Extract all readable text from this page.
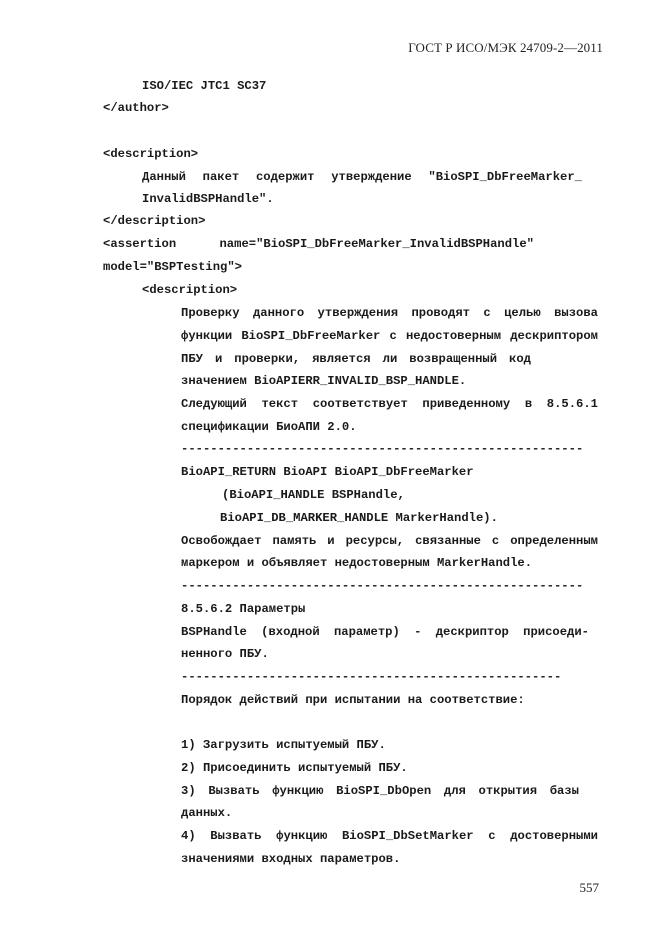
ГОСТ Р ИСО/МЭК 24709-2—2011
ISO/IEC JTC1 SC37
</author>
<description>
Данный пакет содержит утверждение "BioSPI_DbFreeMarker_
InvalidBSPHandle".
</description>
<assertion name="BioSPI_DbFreeMarker_InvalidBSPHandle"
model="BSPTesting">
<description>
Проверку данного утверждения проводят с целью вызова
функции BioSPI_DbFreeMarker с недостоверным дескриптором
ПБУ и проверки, является ли возвращенный код
значением BioAPIERR_INVALID_BSP_HANDLE.
Следующий текст соответствует приведенному в 8.5.6.1
спецификации БиоАПИ 2.0.
-------------------------------------------------------
BioAPI_RETURN BioAPI BioAPI_DbFreeMarker
(BioAPI_HANDLE BSPHandle,
BioAPI_DB_MARKER_HANDLE MarkerHandle).
Освобождает память и ресурсы, связанные с определенным
маркером и объявляет недостоверным MarkerHandle.
-------------------------------------------------------
8.5.6.2 Параметры
BSPHandle (входной параметр) - дескриптор присоеди-
ненного ПБУ.
----------------------------------------------------
Порядок действий при испытании на соответствие:
1) Загрузить испытуемый ПБУ.
2) Присоединить испытуемый ПБУ.
3) Вызвать функцию BioSPI_DbOpen для открытия базы
данных.
4) Вызвать функцию BioSPI_DbSetMarker с достоверными
значениями входных параметров.
557
